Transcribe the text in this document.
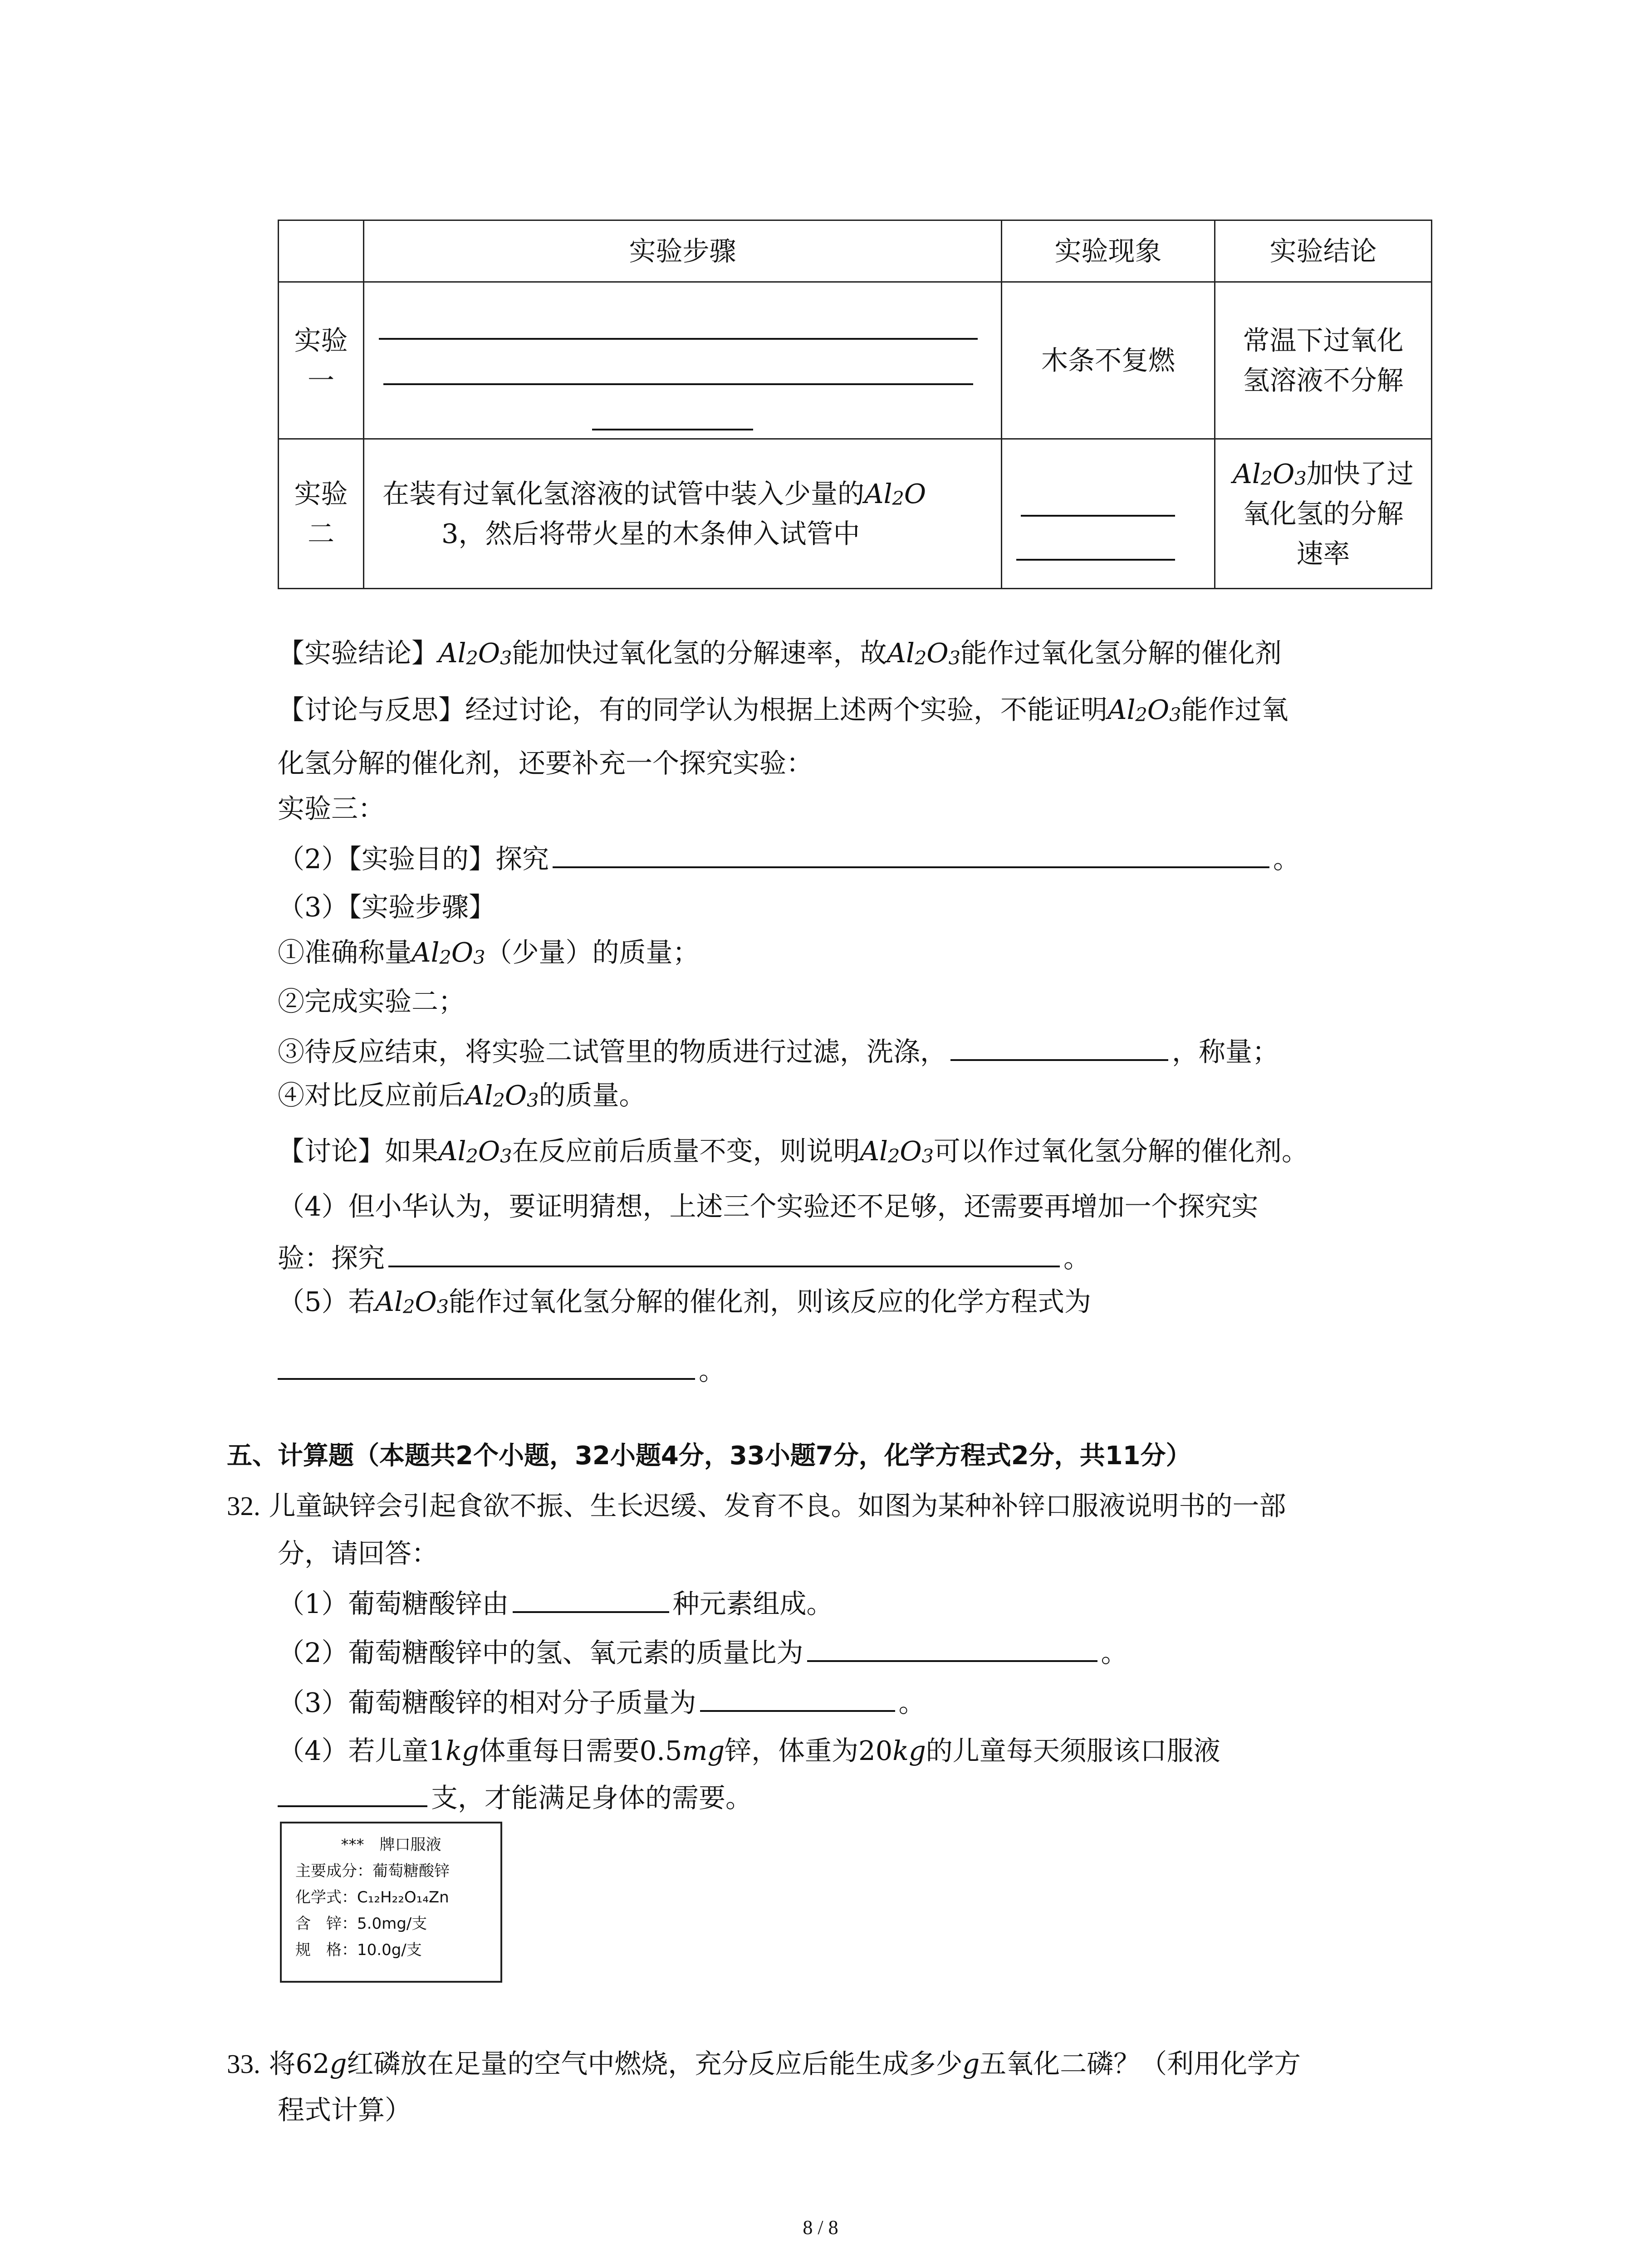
	实验步骤	实验现象	实验结论
实验
一		木条不复燃	常温下过氧化
氢溶液不分解
实验
二	在装有过氧化氢溶液的试管中装入少量的$Al_2O$
3，然后将带火星的木条伸入试管中		$Al_2O_3$加快了过
氧化氢的分解
速率
【实验结论】$Al_2O_3$能加快过氧化氢的分解速率，故$Al_2O_3$能作过氧化氢分解的催化剂
【讨论与反思】经过讨论，有的同学认为根据上述两个实验，不能证明$Al_2O_3$能作过氧
化氢分解的催化剂，还要补充一个探究实验：
实验三：
（2）【实验目的】探究	。
（3）【实验步骤】
①准确称量$Al_2O_3$（少量）的质量；
②完成实验二；
③待反应结束，将实验二试管里的物质进行过滤，洗涤，	，称量；
④对比反应前后$Al_2O_3$的质量。
【讨论】如果$Al_2O_3$在反应前后质量不变，则说明$Al_2O_3$可以作过氧化氢分解的催化剂。
（4）但小华认为，要证明猜想，上述三个实验还不足够，还需要再增加一个探究实
验：探究	。
（5）若$Al_2O_3$能作过氧化氢分解的催化剂，则该反应的化学方程式为
。
五、计算题（本题共2个小题，32小题4分，33小题7分，化学方程式2分，共11分）
32. 儿童缺锌会引起食欲不振、生长迟缓、发育不良。如图为某种补锌口服液说明书的一部
分，请回答：
（1）葡萄糖酸锌由	种元素组成。
（2）葡萄糖酸锌中的氢、氧元素的质量比为	。
（3）葡萄糖酸锌的相对分子质量为	。
（4）若儿童1kg体重每日需要0.5mg锌，体重为20kg的儿童每天须服该口服液
支，才能满足身体的需要。
***　牌口服液
主要成分：葡萄糖酸锌
化学式：C₁₂H₂₂O₁₄Zn
含　锌：5.0mg/支
规　格：10.0g/支
33. 将62g红磷放在足量的空气中燃烧，充分反应后能生成多少g五氧化二磷？（利用化学方
程式计算）
8 / 8
